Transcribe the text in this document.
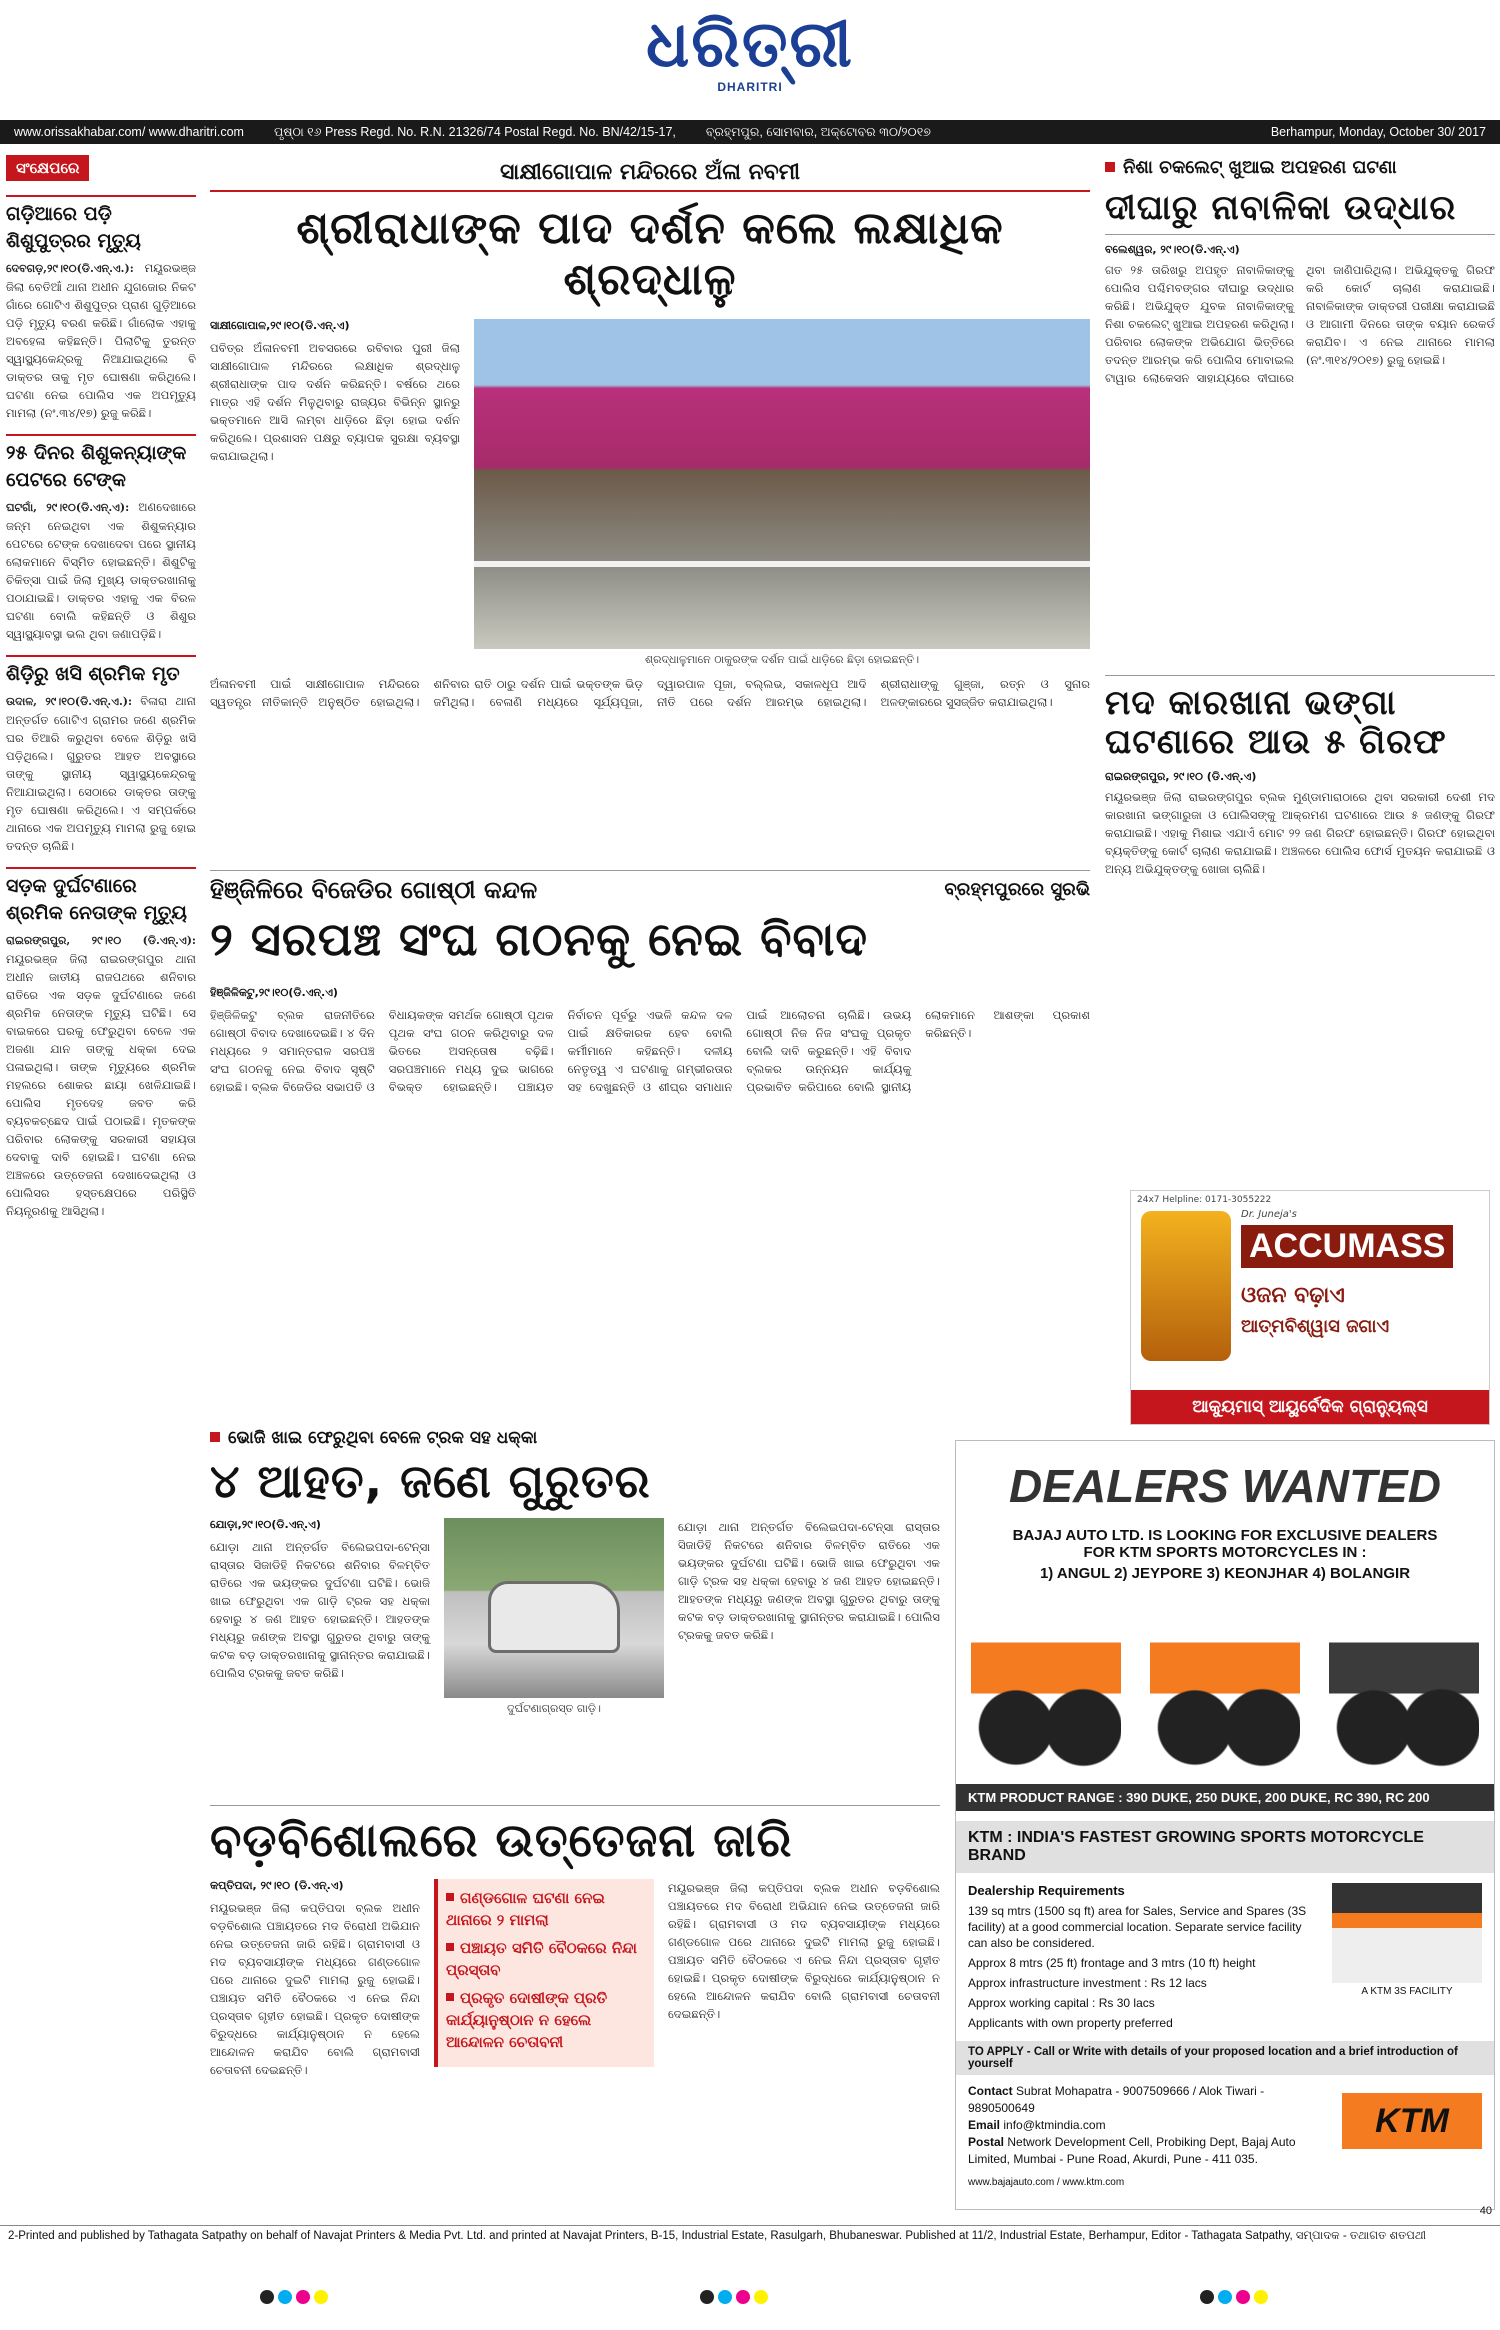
ଧରିତ୍ରୀ
DHARITRI
www.orissakhabar.com/ www.dharitri.com ପୃଷ୍ଠା ୧୬ Press Regd. No. R.N. 21326/74 Postal Regd. No. BN/42/15-17, ବ୍ରହ୍ମପୁର, ସୋମବାର, ଅକ୍ଟୋବର ୩୦/୨୦୧୭	Berhampur, Monday, October 30/ 2017
ସଂକ୍ଷେପରେ
ଗଡ଼ିଆରେ ପଡ଼ି ଶିଶୁପୁତ୍ରର ମୃତ୍ୟୁ
ଦେବଗଡ଼,୨୯।୧୦(ଡି.ଏନ୍.ଏ.): ମୟୂରଭଞ୍ଜ ଜିଲା ବେତିଆଁ ଥାନା ଅଧୀନ ଯୁଗଜୋର ନିକଟ ଗାଁରେ ଗୋଟିଏ ଶିଶୁପୁତ୍ର ପ୍ରାଣ ଗୁଡ଼ିଆରେ ପଡ଼ି ମୃତ୍ୟୁ ବରଣ କରିଛି। ଗାଁଲୋକ ଏହାକୁ ଅବହେଳା କହିଛନ୍ତି। ପିଲାଟିକୁ ତୁରନ୍ତ ସ୍ୱାସ୍ଥ୍ୟକେନ୍ଦ୍ରକୁ ନିଆଯାଇଥିଲେ ବି ଡାକ୍ତର ତାକୁ ମୃତ ଘୋଷଣା କରିଥିଲେ। ଘଟଣା ନେଇ ପୋଲିସ ଏକ ଅପମୃତ୍ୟୁ ମାମଲା (ନଂ.୩୪/୧୭) ରୁଜୁ କରିଛି।
୨୫ ଦିନର ଶିଶୁକନ୍ୟାଙ୍କ ପେଟରେ ଟେଙ୍କ
ଘଟଗାଁ, ୨୯।୧୦(ଡି.ଏନ୍.ଏ): ଅଣଦେଖାରେ ଜନ୍ମ ନେଇଥିବା ଏକ ଶିଶୁକନ୍ୟାର ପେଟରେ ଟେଙ୍କ ଦେଖାଦେବା ପରେ ସ୍ଥାନୀୟ ଲୋକମାନେ ବିସ୍ମିତ ହୋଇଛନ୍ତି। ଶିଶୁଟିକୁ ଚିକିତ୍ସା ପାଇଁ ଜିଲା ମୁଖ୍ୟ ଡାକ୍ତରଖାନାକୁ ପଠାଯାଇଛି। ଡାକ୍ତର ଏହାକୁ ଏକ ବିରଳ ଘଟଣା ବୋଲି କହିଛନ୍ତି ଓ ଶିଶୁର ସ୍ୱାସ୍ଥ୍ୟାବସ୍ଥା ଭଲ ଥିବା ଜଣାପଡ଼ିଛି।
ଶିଡ଼ିରୁ ଖସି ଶ୍ରମିକ ମୃତ
ଉଦାଳ, ୨୯।୧୦(ଡି.ଏନ୍.ଏ.): ବିଳାରା ଥାନା ଅନ୍ତର୍ଗତ ଗୋଟିଏ ଗ୍ରାମର ଜଣେ ଶ୍ରମିକ ଘର ତିଆରି କରୁଥିବା ବେଳେ ଶିଡ଼ିରୁ ଖସି ପଡ଼ିଥିଲେ। ଗୁରୁତର ଆହତ ଅବସ୍ଥାରେ ତାଙ୍କୁ ସ୍ଥାନୀୟ ସ୍ୱାସ୍ଥ୍ୟକେନ୍ଦ୍ରକୁ ନିଆଯାଇଥିଲା। ସେଠାରେ ଡାକ୍ତର ତାଙ୍କୁ ମୃତ ଘୋଷଣା କରିଥିଲେ। ଏ ସମ୍ପର୍କରେ ଥାନାରେ ଏକ ଅପମୃତ୍ୟୁ ମାମଲା ରୁଜୁ ହୋଇ ତଦନ୍ତ ଚାଲିଛି।
ସଡ଼କ ଦୁର୍ଘଟଣାରେ ଶ୍ରମିକ ନେତାଙ୍କ ମୃତ୍ୟୁ
ରାଇରଙ୍ଗପୁର, ୨୯।୧୦ (ଡି.ଏନ୍.ଏ): ମୟୂରଭଞ୍ଜ ଜିଲା ରାଇରଙ୍ଗପୁର ଥାନା ଅଧୀନ ଜାତୀୟ ରାଜପଥରେ ଶନିବାର ରାତିରେ ଏକ ସଡ଼କ ଦୁର୍ଘଟଣାରେ ଜଣେ ଶ୍ରମିକ ନେତାଙ୍କ ମୃତ୍ୟୁ ଘଟିଛି। ସେ ବାଇକରେ ଘରକୁ ଫେରୁଥିବା ବେଳେ ଏକ ଅଜଣା ଯାନ ତାଙ୍କୁ ଧକ୍କା ଦେଇ ପଳାଇଥିଲା। ତାଙ୍କ ମୃତ୍ୟୁରେ ଶ୍ରମିକ ମହଲରେ ଶୋକର ଛାୟା ଖେଳିଯାଇଛି। ପୋଲିସ ମୃତଦେହ ଜବତ କରି ବ୍ୟବକଚ୍ଛେଦ ପାଇଁ ପଠାଇଛି। ମୃତକଙ୍କ ପରିବାର ଲୋକଙ୍କୁ ସରକାରୀ ସହାୟତା ଦେବାକୁ ଦାବି ହୋଇଛି। ଘଟଣା ନେଇ ଅଞ୍ଚଳରେ ଉତ୍ତେଜନା ଦେଖାଦେଇଥିଲା ଓ ପୋଲିସର ହସ୍ତକ୍ଷେପରେ ପରିସ୍ଥିତି ନିୟନ୍ତ୍ରଣକୁ ଆସିଥିଲା।
ସାକ୍ଷୀଗୋପାଳ ମନ୍ଦିରରେ ଅଁଳା ନବମୀ
ଶ୍ରୀରାଧାଙ୍କ ପାଦ ଦର୍ଶନ କଲେ ଲକ୍ଷାଧିକ ଶ୍ରଦ୍ଧାଳୁ
ସାକ୍ଷୀଗୋପାଳ,୨୯।୧୦(ଡି.ଏନ୍.ଏ)
ପବିତ୍ର ଅଁଳାନବମୀ ଅବସରରେ ରବିବାର ପୁରୀ ଜିଲା ସାକ୍ଷୀଗୋପାଳ ମନ୍ଦିରରେ ଲକ୍ଷାଧିକ ଶ୍ରଦ୍ଧାଳୁ ଶ୍ରୀରାଧାଙ୍କ ପାଦ ଦର୍ଶନ କରିଛନ୍ତି। ବର୍ଷରେ ଥରେ ମାତ୍ର ଏହି ଦର୍ଶନ ମିଳୁଥିବାରୁ ରାଜ୍ୟର ବିଭିନ୍ନ ସ୍ଥାନରୁ ଭକ୍ତମାନେ ଆସି ଲମ୍ବା ଧାଡ଼ିରେ ଛିଡ଼ା ହୋଇ ଦର୍ଶନ କରିଥିଲେ। ପ୍ରଶାସନ ପକ୍ଷରୁ ବ୍ୟାପକ ସୁରକ୍ଷା ବ୍ୟବସ୍ଥା କରାଯାଇଥିଲା।
ଶ୍ରଦ୍ଧାଳୁମାନେ ଠାକୁରଙ୍କ ଦର୍ଶନ ପାଇଁ ଧାଡ଼ିରେ ଛିଡ଼ା ହୋଇଛନ୍ତି।
ଅଁଳାନବମୀ ପାଇଁ ସାକ୍ଷୀଗୋପାଳ ମନ୍ଦିରରେ ସ୍ୱତନ୍ତ୍ର ନୀତିକାନ୍ତି ଅନୁଷ୍ଠିତ ହୋଇଥିଲା। ଶନିବାର ରାତି ଠାରୁ ଦର୍ଶନ ପାଇଁ ଭକ୍ତଙ୍କ ଭିଡ଼ ଜମିଥିଲା। ବେଳାଣି ମଧ୍ୟରେ ସୂର୍ଯ୍ୟପୂଜା, ଦ୍ୱାରପାଳ ପୂଜା, ବଲ୍ଲଭ, ସକାଳଧୂପ ଆଦି ନୀତି ପରେ ଦର୍ଶନ ଆରମ୍ଭ ହୋଇଥିଲା। ଶ୍ରୀରାଧାଙ୍କୁ ଗୁଞ୍ଜା, ରତ୍ନ ଓ ସୁନାର ଅଳଙ୍କାରରେ ସୁସଜ୍ଜିତ କରାଯାଇଥିଲା।
ହିଞ୍ଜିଳିରେ ବିଜେଡିର ଗୋଷ୍ଠୀ କନ୍ଦଳ	ବ୍ରହ୍ମପୁରରେ ସୁରଭି
୨ ସରପଞ୍ଚ ସଂଘ ଗଠନକୁ ନେଇ ବିବାଦ
ହିଞ୍ଜିଳିକଟୁ,୨୯।୧୦(ଡି.ଏନ୍.ଏ)
ହିଞ୍ଜିଳିକଟୁ ବ୍ଲକ ରାଜନୀତିରେ ଗୋଷ୍ଠୀ ବିବାଦ ଦେଖାଦେଇଛି। ୪ ଦିନ ମଧ୍ୟରେ ୨ ସମାନ୍ତରାଳ ସରପଞ୍ଚ ସଂଘ ଗଠନକୁ ନେଇ ବିବାଦ ସୃଷ୍ଟି ହୋଇଛି। ବ୍ଲକ ବିଜେଡିର ସଭାପତି ଓ ବିଧାୟକଙ୍କ ସମର୍ଥକ ଗୋଷ୍ଠୀ ପୃଥକ ପୃଥକ ସଂଘ ଗଠନ କରିଥିବାରୁ ଦଳ ଭିତରେ ଅସନ୍ତୋଷ ବଢ଼ିଛି। ସରପଞ୍ଚମାନେ ମଧ୍ୟ ଦୁଇ ଭାଗରେ ବିଭକ୍ତ ହୋଇଛନ୍ତି। ପଞ୍ଚାୟତ ନିର୍ବାଚନ ପୂର୍ବରୁ ଏଭଳି କନ୍ଦଳ ଦଳ ପାଇଁ କ୍ଷତିକାରକ ହେବ ବୋଲି କର୍ମୀମାନେ କହିଛନ୍ତି। ଦଳୀୟ ନେତୃତ୍ୱ ଏ ଘଟଣାକୁ ଗମ୍ଭୀରତାର ସହ ଦେଖୁଛନ୍ତି ଓ ଶୀଘ୍ର ସମାଧାନ ପାଇଁ ଆଲୋଚନା ଚାଲିଛି। ଉଭୟ ଗୋଷ୍ଠୀ ନିଜ ନିଜ ସଂଘକୁ ପ୍ରକୃତ ବୋଲି ଦାବି କରୁଛନ୍ତି। ଏହି ବିବାଦ ବ୍ଲକର ଉନ୍ନୟନ କାର୍ଯ୍ୟକୁ ପ୍ରଭାବିତ କରିପାରେ ବୋଲି ସ୍ଥାନୀୟ ଲୋକମାନେ ଆଶଙ୍କା ପ୍ରକାଶ କରିଛନ୍ତି।
ଭୋଜି ଖାଇ ଫେରୁଥିବା ବେଳେ ଟ୍ରକ ସହ ଧକ୍କା
୪ ଆହତ, ଜଣେ ଗୁରୁତର
ଯୋଡ଼ା,୨୯।୧୦(ଡି.ଏନ୍.ଏ)
ଯୋଡ଼ା ଥାନା ଅନ୍ତର୍ଗତ ବିଲେଇପଦା-ଟେନ୍ସା ରାସ୍ତାର ସିଜାଡିହି ନିକଟରେ ଶନିବାର ବିଳମ୍ବିତ ରାତିରେ ଏକ ଭୟଙ୍କର ଦୁର୍ଘଟଣା ଘଟିଛି। ଭୋଜି ଖାଇ ଫେରୁଥିବା ଏକ ଗାଡ଼ି ଟ୍ରକ ସହ ଧକ୍କା ହେବାରୁ ୪ ଜଣ ଆହତ ହୋଇଛନ୍ତି। ଆହତଙ୍କ ମଧ୍ୟରୁ ଜଣଙ୍କ ଅବସ୍ଥା ଗୁରୁତର ଥିବାରୁ ତାଙ୍କୁ କଟକ ବଡ଼ ଡାକ୍ତରଖାନାକୁ ସ୍ଥାନାନ୍ତର କରାଯାଇଛି। ପୋଲିସ ଟ୍ରକକୁ ଜବତ କରିଛି।
ଦୁର୍ଘଟଣାଗ୍ରସ୍ତ ଗାଡ଼ି।
ଯୋଡ଼ା ଥାନା ଅନ୍ତର୍ଗତ ବିଲେଇପଦା-ଟେନ୍ସା ରାସ୍ତାର ସିଜାଡିହି ନିକଟରେ ଶନିବାର ବିଳମ୍ବିତ ରାତିରେ ଏକ ଭୟଙ୍କର ଦୁର୍ଘଟଣା ଘଟିଛି। ଭୋଜି ଖାଇ ଫେରୁଥିବା ଏକ ଗାଡ଼ି ଟ୍ରକ ସହ ଧକ୍କା ହେବାରୁ ୪ ଜଣ ଆହତ ହୋଇଛନ୍ତି। ଆହତଙ୍କ ମଧ୍ୟରୁ ଜଣଙ୍କ ଅବସ୍ଥା ଗୁରୁତର ଥିବାରୁ ତାଙ୍କୁ କଟକ ବଡ଼ ଡାକ୍ତରଖାନାକୁ ସ୍ଥାନାନ୍ତର କରାଯାଇଛି। ପୋଲିସ ଟ୍ରକକୁ ଜବତ କରିଛି।
ବଡ଼ବିଶୋଲରେ ଉତ୍ତେଜନା ଜାରି
କପ୍ତିପଦା, ୨୯।୧୦ (ଡି.ଏନ୍.ଏ)
ମୟୂରଭଞ୍ଜ ଜିଲା କପ୍ତିପଦା ବ୍ଲକ ଅଧୀନ ବଡ଼ବିଶୋଲ ପଞ୍ଚାୟତରେ ମଦ ବିରୋଧୀ ଅଭିଯାନ ନେଇ ଉତ୍ତେଜନା ଜାରି ରହିଛି। ଗ୍ରାମବାସୀ ଓ ମଦ ବ୍ୟବସାୟୀଙ୍କ ମଧ୍ୟରେ ଗଣ୍ଡଗୋଳ ପରେ ଥାନାରେ ଦୁଇଟି ମାମଲା ରୁଜୁ ହୋଇଛି। ପଞ୍ଚାୟତ ସମିତି ବୈଠକରେ ଏ ନେଇ ନିନ୍ଦା ପ୍ରସ୍ତାବ ଗୃହୀତ ହୋଇଛି। ପ୍ରକୃତ ଦୋଷୀଙ୍କ ବିରୁଦ୍ଧରେ କାର୍ଯ୍ୟାନୁଷ୍ଠାନ ନ ହେଲେ ଆନ୍ଦୋଳନ କରାଯିବ ବୋଲି ଗ୍ରାମବାସୀ ଚେତାବନୀ ଦେଇଛନ୍ତି।
ଗଣ୍ଡଗୋଳ ଘଟଣା ନେଇ ଥାନାରେ ୨ ମାମଲା
ପଞ୍ଚାୟତ ସମିତି ବୈଠକରେ ନିନ୍ଦା ପ୍ରସ୍ତାବ
ପ୍ରକୃତ ଦୋଷୀଙ୍କ ପ୍ରତି କାର୍ଯ୍ୟାନୁଷ୍ଠାନ ନ ହେଲେ ଆନ୍ଦୋଳନ ଚେତାବନୀ
ମୟୂରଭଞ୍ଜ ଜିଲା କପ୍ତିପଦା ବ୍ଲକ ଅଧୀନ ବଡ଼ବିଶୋଲ ପଞ୍ଚାୟତରେ ମଦ ବିରୋଧୀ ଅଭିଯାନ ନେଇ ଉତ୍ତେଜନା ଜାରି ରହିଛି। ଗ୍ରାମବାସୀ ଓ ମଦ ବ୍ୟବସାୟୀଙ୍କ ମଧ୍ୟରେ ଗଣ୍ଡଗୋଳ ପରେ ଥାନାରେ ଦୁଇଟି ମାମଲା ରୁଜୁ ହୋଇଛି। ପଞ୍ଚାୟତ ସମିତି ବୈଠକରେ ଏ ନେଇ ନିନ୍ଦା ପ୍ରସ୍ତାବ ଗୃହୀତ ହୋଇଛି। ପ୍ରକୃତ ଦୋଷୀଙ୍କ ବିରୁଦ୍ଧରେ କାର୍ଯ୍ୟାନୁଷ୍ଠାନ ନ ହେଲେ ଆନ୍ଦୋଳନ କରାଯିବ ବୋଲି ଗ୍ରାମବାସୀ ଚେତାବନୀ ଦେଇଛନ୍ତି।
ନିଶା ଚକଲେଟ୍ ଖୁଆଇ ଅପହରଣ ଘଟଣା
ଦୀଘାରୁ ନାବାଳିକା ଉଦ୍ଧାର
ବଲେଶ୍ୱର, ୨୯।୧୦(ଡି.ଏନ୍.ଏ)
ଗତ ୨୫ ତାରିଖରୁ ଅପହୃତ ନାବାଳିକାଙ୍କୁ ପୋଲିସ ପଶ୍ଚିମବଙ୍ଗର ଦୀଘାରୁ ଉଦ୍ଧାର କରିଛି। ଅଭିଯୁକ୍ତ ଯୁବକ ନାବାଳିକାଙ୍କୁ ନିଶା ଚକଲେଟ୍ ଖୁଆଇ ଅପହରଣ କରିଥିଲା। ପରିବାର ଲୋକଙ୍କ ଅଭିଯୋଗ ଭିତ୍ତିରେ ତଦନ୍ତ ଆରମ୍ଭ କରି ପୋଲିସ ମୋବାଇଲ ଟାୱାର ଲୋକେସନ ସାହାଯ୍ୟରେ ଦୀଘାରେ ଥିବା ଜାଣିପାରିଥିଲା। ଅଭିଯୁକ୍ତକୁ ଗିରଫ କରି କୋର୍ଟ ଚାଲାଣ କରାଯାଇଛି। ନାବାଳିକାଙ୍କ ଡାକ୍ତରୀ ପରୀକ୍ଷା କରାଯାଇଛି ଓ ଆଗାମୀ ଦିନରେ ତାଙ୍କ ବୟାନ ରେକର୍ଡ କରାଯିବ। ଏ ନେଇ ଥାନାରେ ମାମଲା (ନଂ.୩୧୪/୨୦୧୭) ରୁଜୁ ହୋଇଛି।
ମଦ କାରଖାନା ଭଙ୍ଗା ଘଟଣାରେ ଆଉ ୫ ଗିରଫ
ରାଇରଙ୍ଗପୁର, ୨୯।୧୦ (ଡି.ଏନ୍.ଏ)
ମୟୂରଭଞ୍ଜ ଜିଲା ରାଇରଙ୍ଗପୁର ବ୍ଲକ ମୁଣ୍ଡାମାରାଠାରେ ଥିବା ସରକାରୀ ଦେଶୀ ମଦ କାରଖାନା ଭଙ୍ଗାରୁଜା ଓ ପୋଲିସଙ୍କୁ ଆକ୍ରମଣ ଘଟଣାରେ ଆଉ ୫ ଜଣଙ୍କୁ ଗିରଫ କରାଯାଇଛି। ଏହାକୁ ମିଶାଇ ଏଯାଏଁ ମୋଟ ୨୨ ଜଣ ଗିରଫ ହୋଇଛନ୍ତି। ଗିରଫ ହୋଇଥିବା ବ୍ୟକ୍ତିଙ୍କୁ କୋର୍ଟ ଚାଲାଣ କରାଯାଇଛି। ଅଞ୍ଚଳରେ ପୋଲିସ ଫୋର୍ସ ମୁତୟନ କରାଯାଇଛି ଓ ଅନ୍ୟ ଅଭିଯୁକ୍ତଙ୍କୁ ଖୋଜା ଚାଲିଛି।
24x7 Helpline: 0171-3055222
Dr. Juneja's
ACCUMASS
ଓଜନ ବଢ଼ାଏ
ଆତ୍ମବିଶ୍ୱାସ ଜଗାଏ
ଆକ୍ୟୁମାସ୍ ଆୟୁର୍ବେଦିକ ଗ୍ରାନ୍ୟୁଲ୍ସ
DEALERS WANTED
BAJAJ AUTO LTD. IS LOOKING FOR EXCLUSIVE DEALERS FOR KTM SPORTS MOTORCYCLES IN :
1) ANGUL 2) JEYPORE 3) KEONJHAR 4) BOLANGIR
KTM PRODUCT RANGE : 390 DUKE, 250 DUKE, 200 DUKE, RC 390, RC 200
KTM : INDIA'S FASTEST GROWING SPORTS MOTORCYCLE BRAND
Dealership Requirements
139 sq mtrs (1500 sq ft) area for Sales, Service and Spares (3S facility) at a good commercial location. Separate service facility can also be considered.
Approx 8 mtrs (25 ft) frontage and 3 mtrs (10 ft) height
Approx infrastructure investment : Rs 12 lacs
Approx working capital : Rs 30 lacs
Applicants with own property preferred
A KTM 3S FACILITY
TO APPLY - Call or Write with details of your proposed location and a brief introduction of yourself
Contact Subrat Mohapatra - 9007509666 / Alok Tiwari - 9890500649
Email info@ktmindia.com
Postal Network Development Cell, Probiking Dept, Bajaj Auto Limited, Mumbai - Pune Road, Akurdi, Pune - 411 035.
www.bajajauto.com / www.ktm.com
KTM
2-Printed and published by Tathagata Satpathy on behalf of Navajat Printers & Media Pvt. Ltd. and printed at Navajat Printers, B-15, Industrial Estate, Rasulgarh, Bhubaneswar. Published at 11/2, Industrial Estate, Berhampur, Editor - Tathagata Satpathy, ସମ୍ପାଦକ - ତଥାଗତ ଶତପଥୀ
40
